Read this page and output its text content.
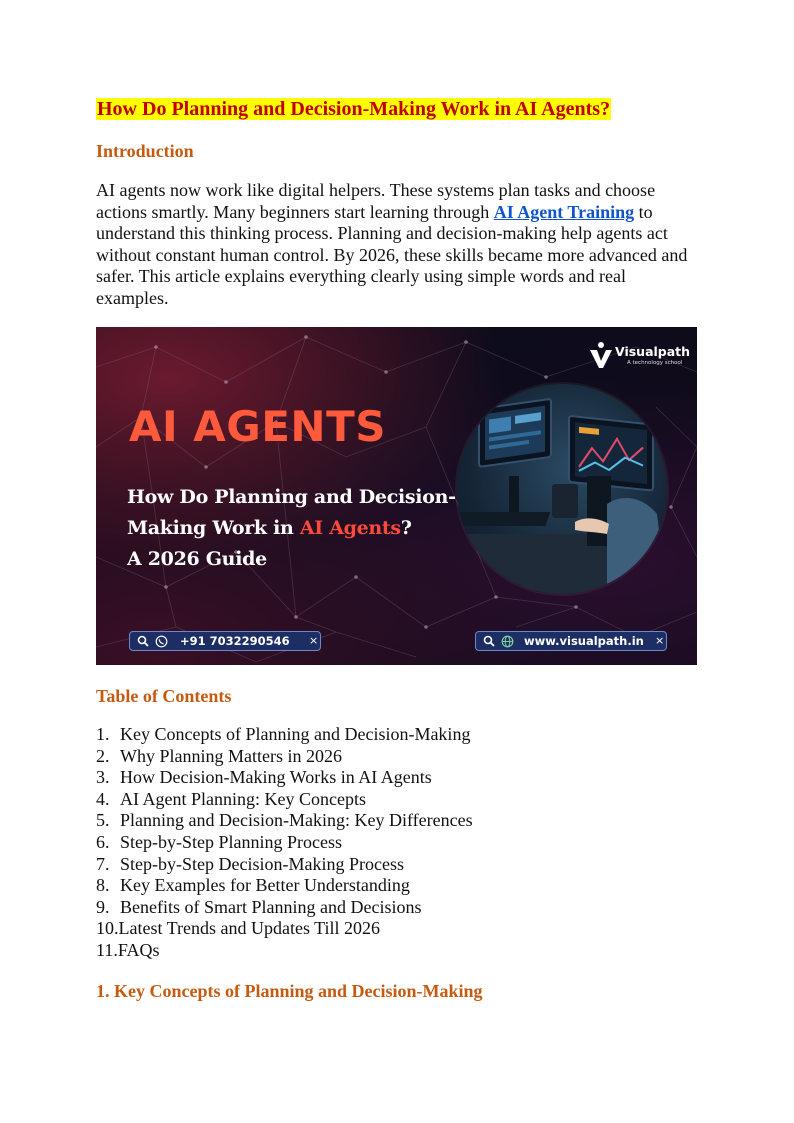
How Do Planning and Decision-Making Work in AI Agents?
Introduction

AI agents now work like digital helpers. These systems plan tasks and choose actions smartly. Many beginners start learning through AI Agent Training to understand this thinking process. Planning and decision-making help agents act without constant human control. By 2026, these skills became more advanced and safer. This article explains everything clearly using simple words and real examples.

Visualpath
A technology school
AI AGENTS

How Do Planning and Decision-Making Work in AI Agents?
A 2026 Guide

+91 7032290546 ×	www.visualpath.in ×
Table of Contents
1. Key Concepts of Planning and Decision-Making
2. Why Planning Matters in 2026
3. How Decision-Making Works in AI Agents
4. AI Agent Planning: Key Concepts
5. Planning and Decision-Making: Key Differences
6. Step-by-Step Planning Process
7. Step-by-Step Decision-Making Process
8. Key Examples for Better Understanding
9. Benefits of Smart Planning and Decisions
10.Latest Trends and Updates Till 2026
11.FAQs
1. Key Concepts of Planning and Decision-Making
